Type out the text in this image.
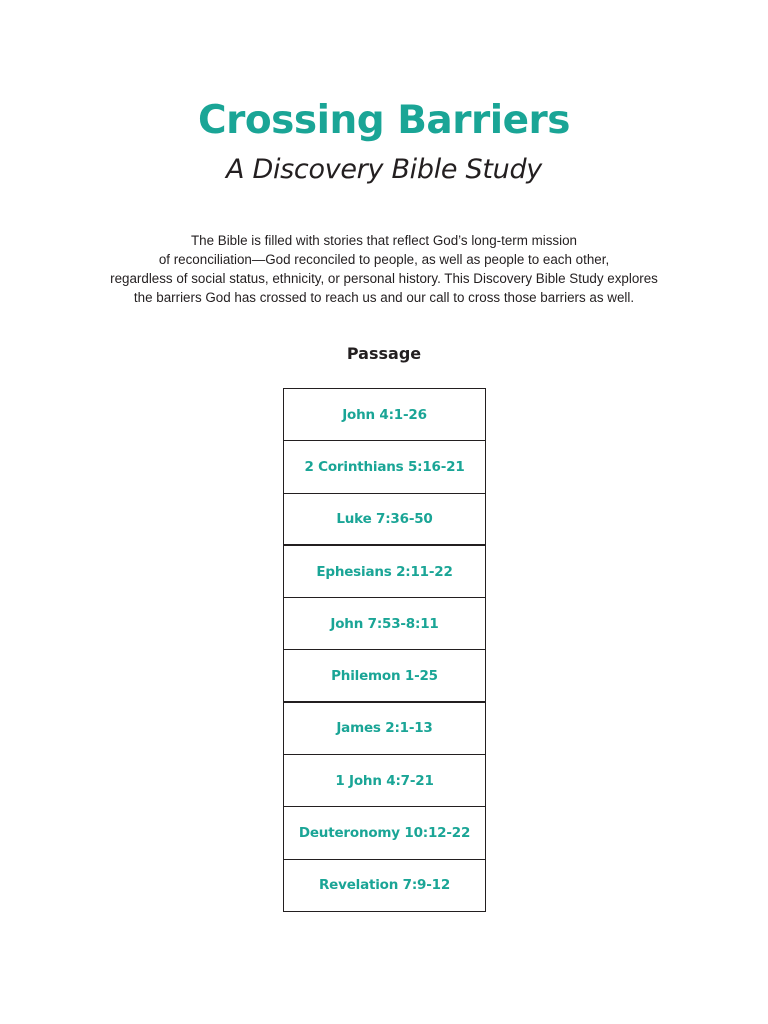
Crossing Barriers
A Discovery Bible Study
The Bible is filled with stories that reflect God’s long-term mission
of reconciliation—God reconciled to people, as well as people to each other,
regardless of social status, ethnicity, or personal history. This Discovery Bible Study explores
the barriers God has crossed to reach us and our call to cross those barriers as well.
Passage
John 4:1-26
2 Corinthians 5:16-21
Luke 7:36-50
Ephesians 2:11-22
John 7:53-8:11
Philemon 1-25
James 2:1-13
1 John 4:7-21
Deuteronomy 10:12-22
Revelation 7:9-12
